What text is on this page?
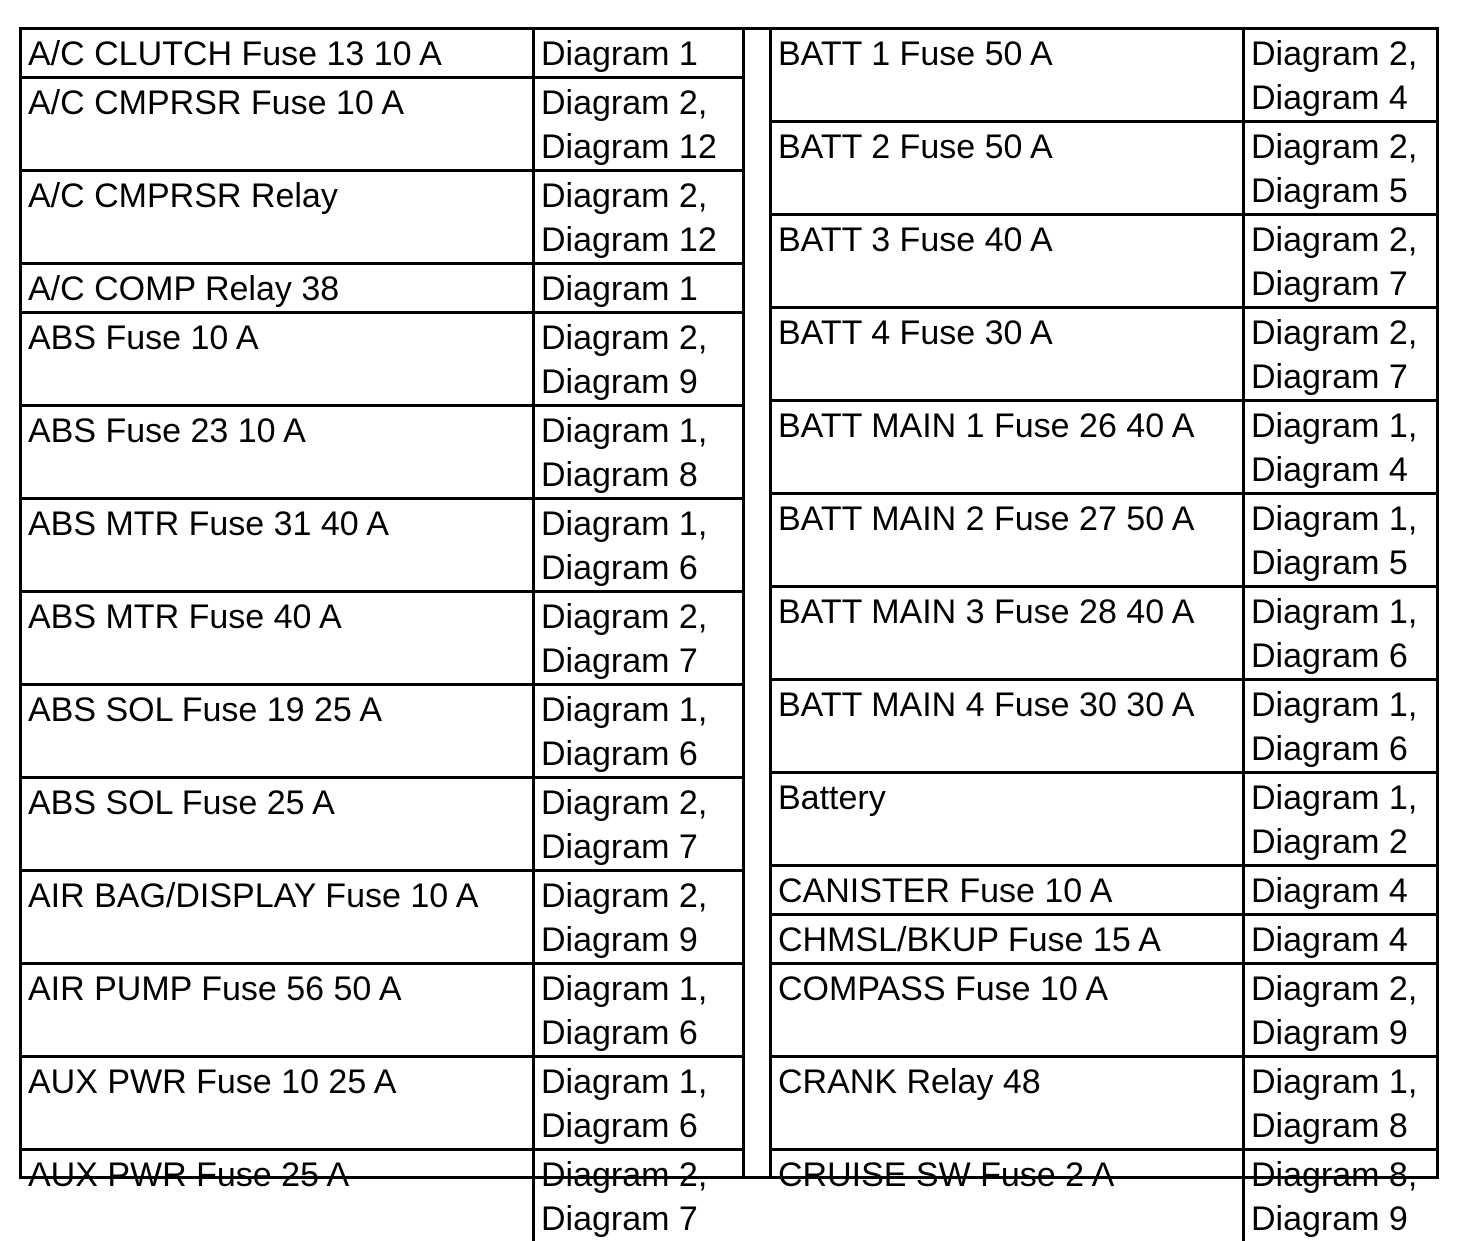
A/C CLUTCH Fuse 13 10 A	Diagram 1
A/C CMPRSR Fuse 10 A	Diagram 2,
Diagram 12
A/C CMPRSR Relay	Diagram 2,
Diagram 12
A/C COMP Relay 38	Diagram 1
ABS Fuse 10 A	Diagram 2,
Diagram 9
ABS Fuse 23 10 A	Diagram 1,
Diagram 8
ABS MTR Fuse 31 40 A	Diagram 1,
Diagram 6
ABS MTR Fuse 40 A	Diagram 2,
Diagram 7
ABS SOL Fuse 19 25 A	Diagram 1,
Diagram 6
ABS SOL Fuse 25 A	Diagram 2,
Diagram 7
AIR BAG/DISPLAY Fuse 10 A	Diagram 2,
Diagram 9
AIR PUMP Fuse 56 50 A	Diagram 1,
Diagram 6
AUX PWR Fuse 10 25 A	Diagram 1,
Diagram 6
AUX PWR Fuse 25 A	Diagram 2,
Diagram 7
BATT 1 Fuse 50 A	Diagram 2,
Diagram 4
BATT 2 Fuse 50 A	Diagram 2,
Diagram 5
BATT 3 Fuse 40 A	Diagram 2,
Diagram 7
BATT 4 Fuse 30 A	Diagram 2,
Diagram 7
BATT MAIN 1 Fuse 26 40 A	Diagram 1,
Diagram 4
BATT MAIN 2 Fuse 27 50 A	Diagram 1,
Diagram 5
BATT MAIN 3 Fuse 28 40 A	Diagram 1,
Diagram 6
BATT MAIN 4 Fuse 30 30 A	Diagram 1,
Diagram 6
Battery	Diagram 1,
Diagram 2
CANISTER Fuse 10 A	Diagram 4
CHMSL/BKUP Fuse 15 A	Diagram 4
COMPASS Fuse 10 A	Diagram 2,
Diagram 9
CRANK Relay 48	Diagram 1,
Diagram 8
CRUISE SW Fuse 2 A	Diagram 8,
Diagram 9
